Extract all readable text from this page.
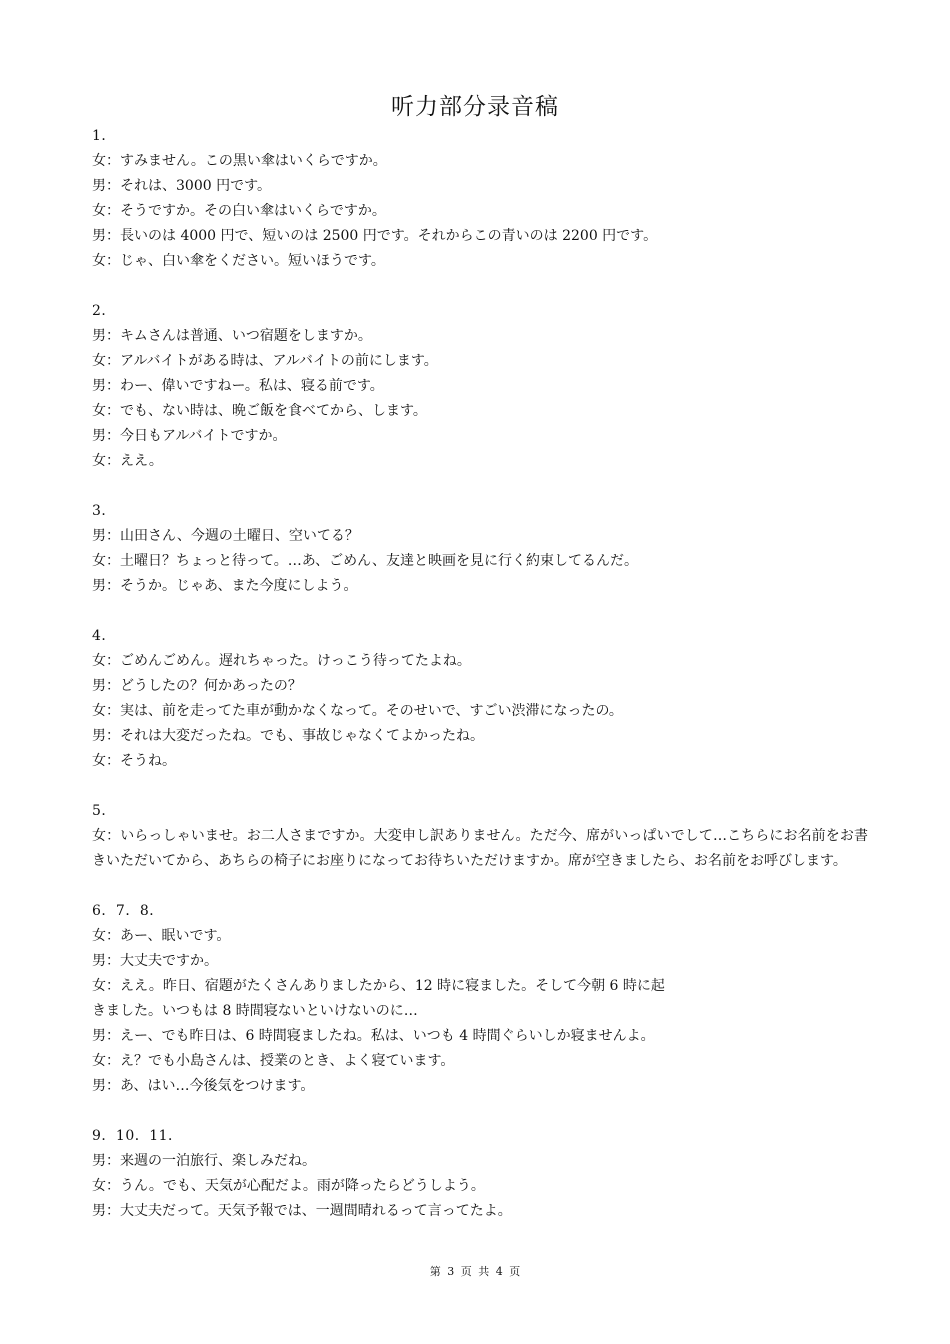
听力部分录音稿
1．
女：すみません。この黒い傘はいくらですか。
男：それは、3000 円です。
女：そうですか。その白い傘はいくらですか。
男：長いのは 4000 円で、短いのは 2500 円です。それからこの青いのは 2200 円です。
女：じゃ、白い傘をください。短いほうです。
2．
男：キムさんは普通、いつ宿題をしますか。
女：アルバイトがある時は、アルバイトの前にします。
男：わー、偉いですねー。私は、寝る前です。
女：でも、ない時は、晩ご飯を食べてから、します。
男：今日もアルバイトですか。
女：ええ。
3．
男：山田さん、今週の土曜日、空いてる？
女：土曜日？ちょっと待って。…あ、ごめん、友達と映画を見に行く約束してるんだ。
男：そうか。じゃあ、また今度にしよう。
4．
女：ごめんごめん。遅れちゃった。けっこう待ってたよね。
男：どうしたの？何かあったの？
女：実は、前を走ってた車が動かなくなって。そのせいで、すごい渋滞になったの。
男：それは大変だったね。でも、事故じゃなくてよかったね。
女：そうね。
5．
女：いらっしゃいませ。お二人さまですか。大変申し訳ありません。ただ今、席がいっぱいでして…こちらにお名前をお書きいただいてから、あちらの椅子にお座りになってお待ちいただけますか。席が空きましたら、お名前をお呼びします。
6．7．8．
女：あー、眠いです。
男：大丈夫ですか。
女：ええ。昨日、宿題がたくさんありましたから、12 時に寝ました。そして今朝 6 時に起
きました。いつもは 8 時間寝ないといけないのに…
男：えー、でも昨日は、6 時間寝ましたね。私は、いつも 4 時間ぐらいしか寝ませんよ。
女：え？でも小島さんは、授業のとき、よく寝ています。
男：あ、はい…今後気をつけます。
9．10．11．
男：来週の一泊旅行、楽しみだね。
女：うん。でも、天気が心配だよ。雨が降ったらどうしよう。
男：大丈夫だって。天気予報では、一週間晴れるって言ってたよ。
第 3 页 共 4 页
